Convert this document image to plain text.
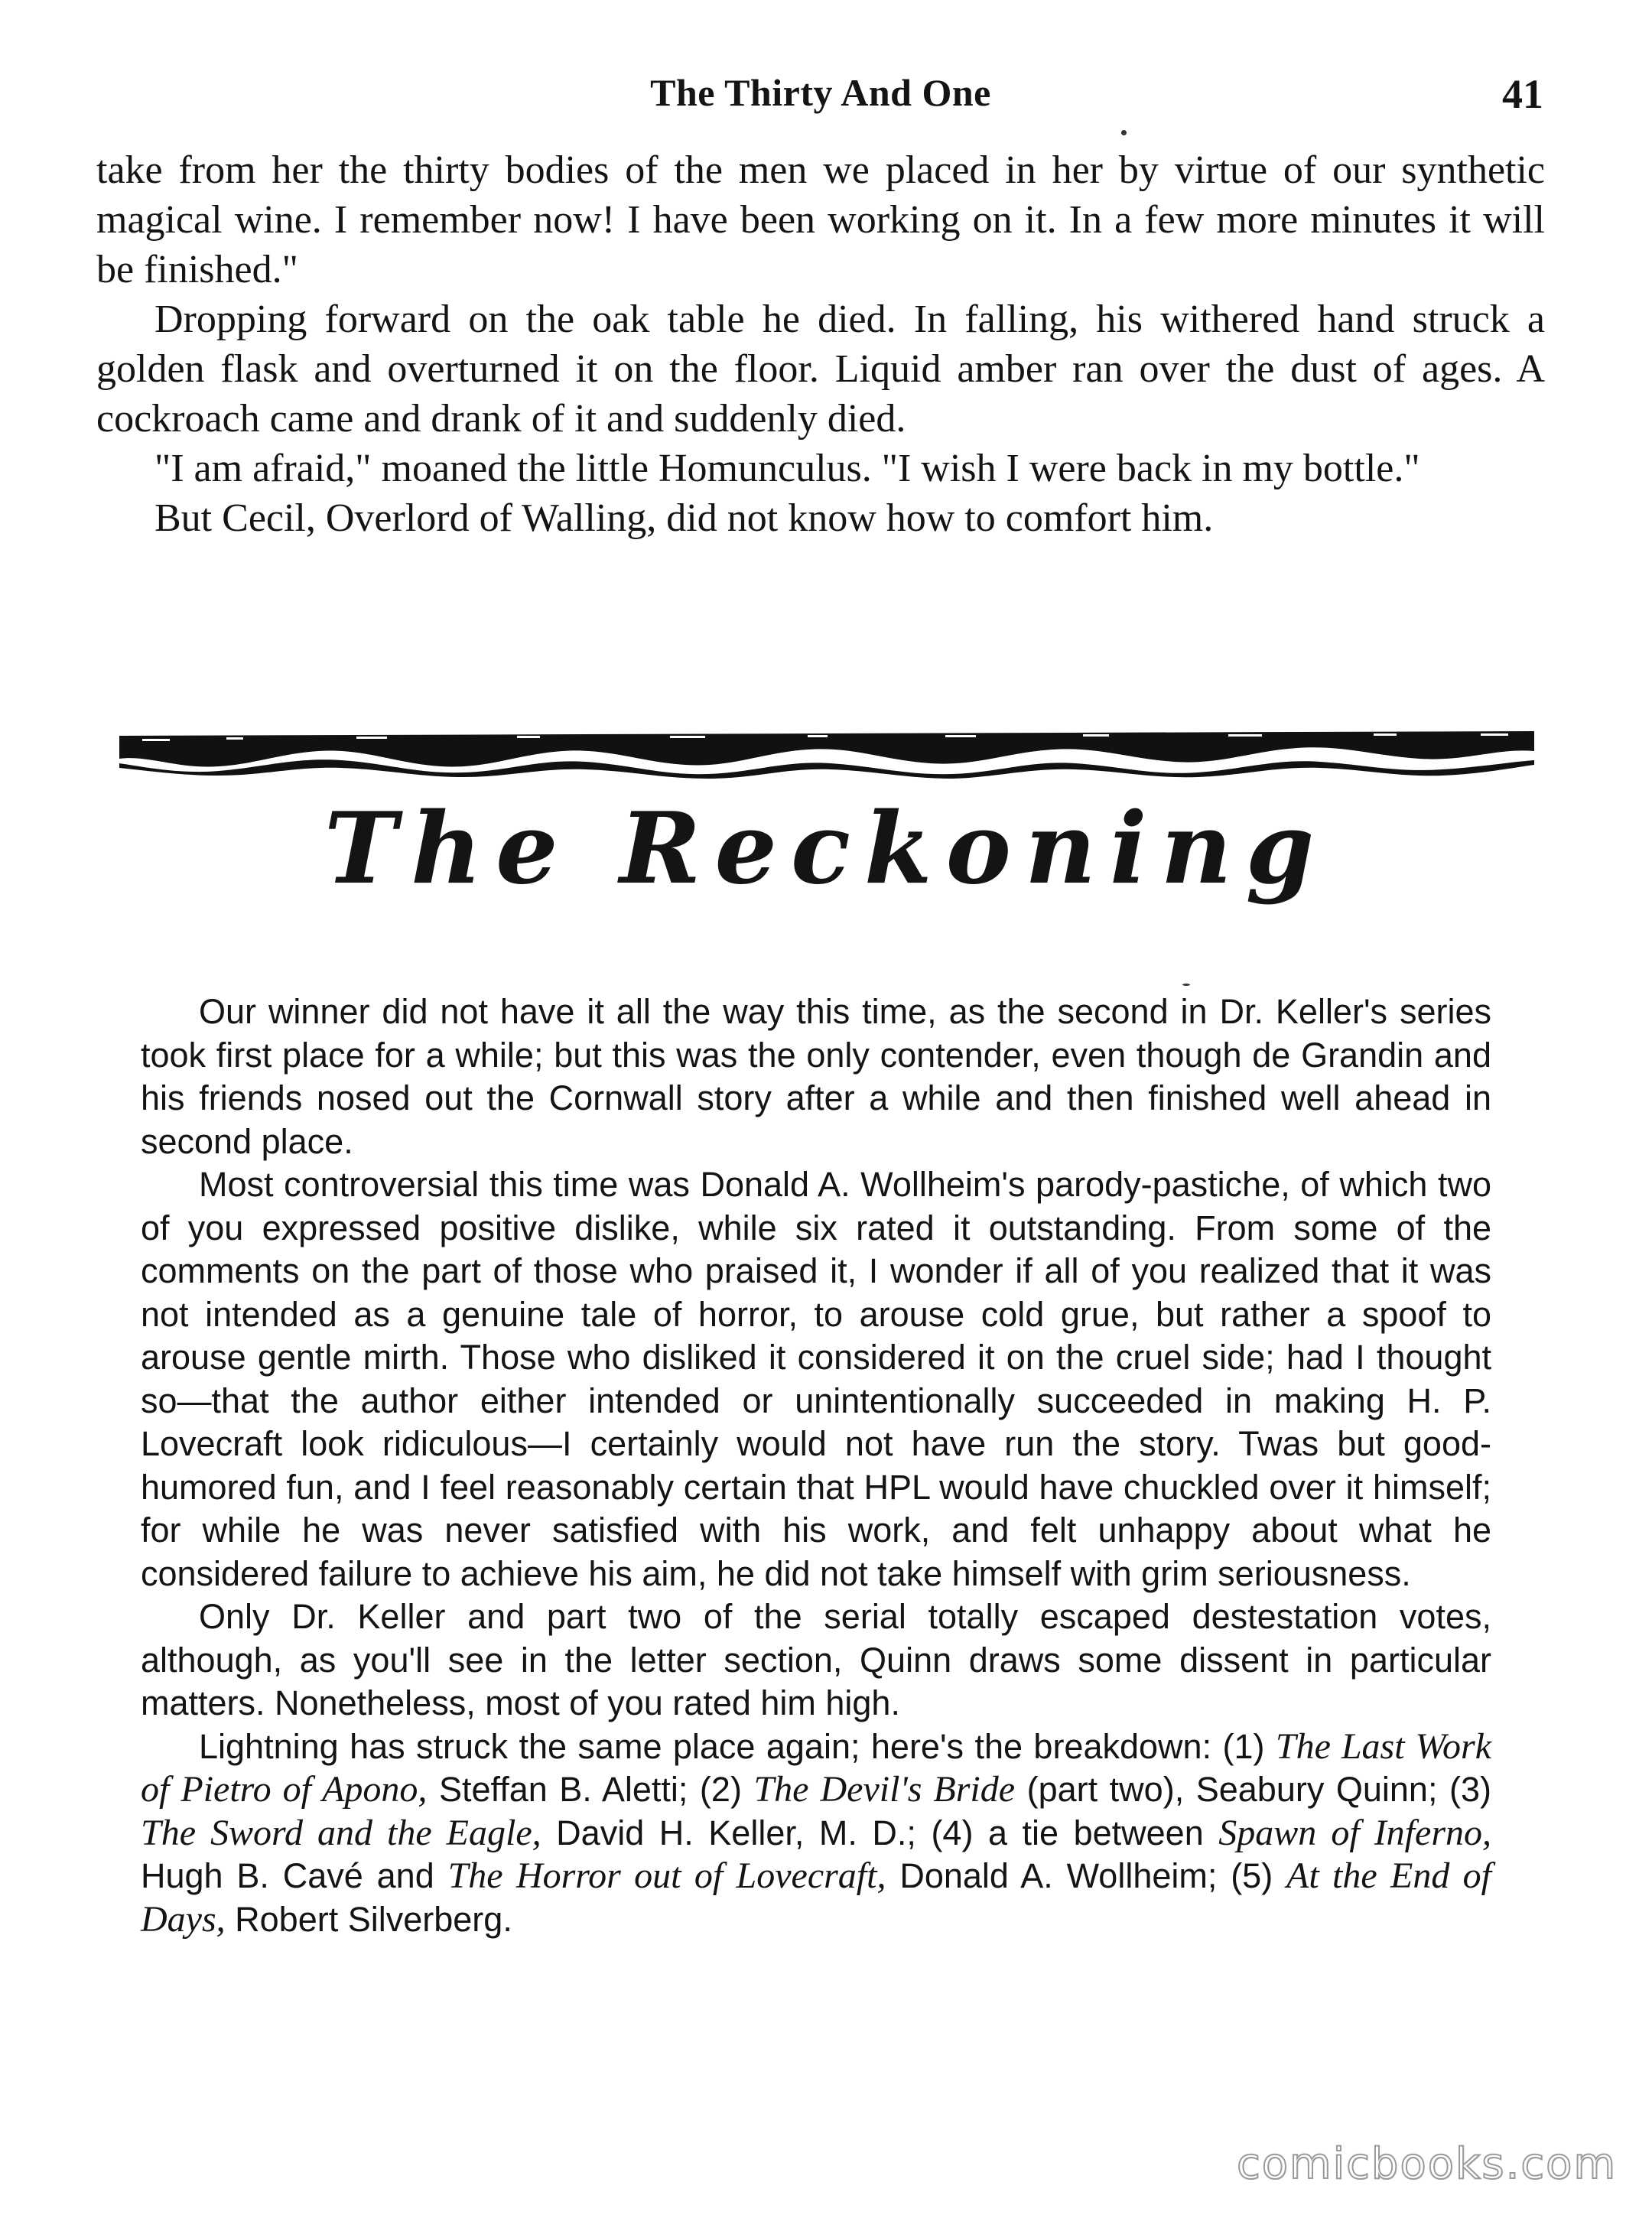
The Thirty And One	41

take from her the thirty bodies of the men we placed in her by virtue of our synthetic magical wine. I remember now! I have been working on it. In a few more minutes it will be finished."

Dropping forward on the oak table he died. In falling, his withered hand struck a golden flask and overturned it on the floor. Liquid amber ran over the dust of ages. A cockroach came and drank of it and suddenly died.

"I am afraid," moaned the little Homunculus. "I wish I were back in my bottle."

But Cecil, Overlord of Walling, did not know how to comfort him.

The Reckoning

Our winner did not have it all the way this time, as the second in Dr. Keller's series took first place for a while; but this was the only contender, even though de Grandin and his friends nosed out the Cornwall story after a while and then finished well ahead in second place.

Most controversial this time was Donald A. Wollheim's parody-pastiche, of which two of you expressed positive dislike, while six rated it outstanding. From some of the comments on the part of those who praised it, I wonder if all of you realized that it was not intended as a genuine tale of horror, to arouse cold grue, but rather a spoof to arouse gentle mirth. Those who disliked it considered it on the cruel side; had I thought so—that the author either intended or unintentionally succeeded in making H. P. Lovecraft look ridiculous—I certainly would not have run the story. Twas but good-humored fun, and I feel reasonably certain that HPL would have chuckled over it himself; for while he was never satisfied with his work, and felt unhappy about what he considered failure to achieve his aim, he did not take himself with grim seriousness.

Only Dr. Keller and part two of the serial totally escaped destestation votes, although, as you'll see in the letter section, Quinn draws some dissent in particular matters. Nonetheless, most of you rated him high.

Lightning has struck the same place again; here's the breakdown: (1) The Last Work of Pietro of Apono, Steffan B. Aletti; (2) The Devil's Bride (part two), Seabury Quinn; (3) The Sword and the Eagle, David H. Keller, M. D.; (4) a tie between Spawn of Inferno, Hugh B. Cavé and The Horror out of Lovecraft, Donald A. Wollheim; (5) At the End of Days, Robert Silverberg.

comicbooks.com
